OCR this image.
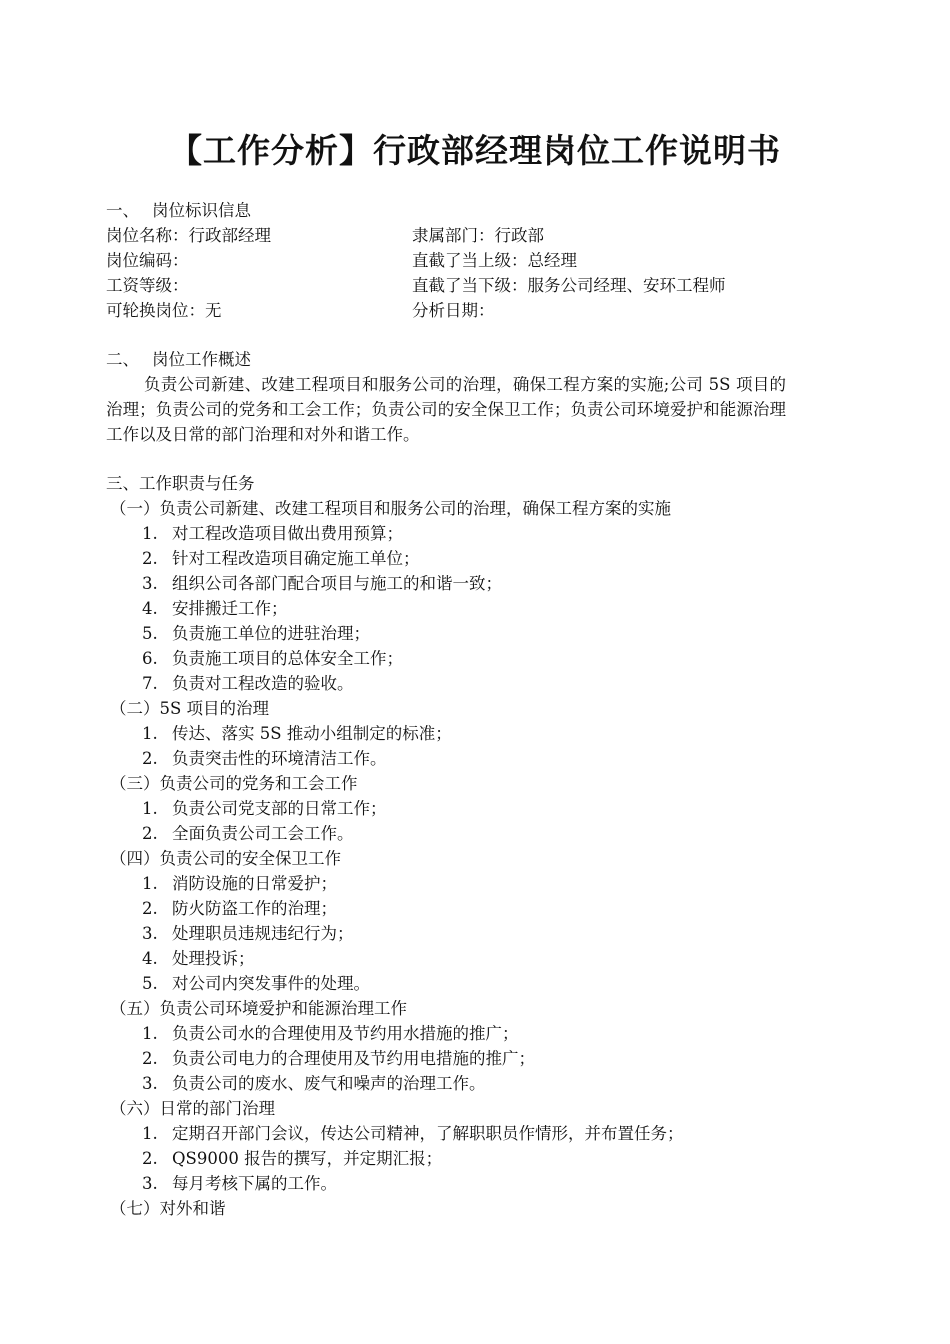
【工作分析】行政部经理岗位工作说明书
一、 岗位标识信息
岗位名称：行政部经理	隶属部门：行政部
岗位编码：	直截了当上级：总经理
工资等级：	直截了当下级：服务公司经理、安环工程师
可轮换岗位：无	分析日期：
二、 岗位工作概述

负责公司新建、改建工程项目和服务公司的治理，确保工程方案的实施;公司 5S 项目的治理；负责公司的党务和工会工作；负责公司的安全保卫工作；负责公司环境爱护和能源治理工作以及日常的部门治理和对外和谐工作。

三、工作职责与任务
（一）负责公司新建、改建工程项目和服务公司的治理，确保工程方案的实施
1. 对工程改造项目做出费用预算；
2. 针对工程改造项目确定施工单位；
3. 组织公司各部门配合项目与施工的和谐一致；
4. 安排搬迁工作；
5. 负责施工单位的进驻治理；
6. 负责施工项目的总体安全工作；
7. 负责对工程改造的验收。
（二）5S 项目的治理
1. 传达、落实 5S 推动小组制定的标准；
2. 负责突击性的环境清洁工作。
（三）负责公司的党务和工会工作
1. 负责公司党支部的日常工作；
2. 全面负责公司工会工作。
（四）负责公司的安全保卫工作
1. 消防设施的日常爱护；
2. 防火防盗工作的治理；
3. 处理职员违规违纪行为；
4. 处理投诉；
5. 对公司内突发事件的处理。
（五）负责公司环境爱护和能源治理工作
1. 负责公司水的合理使用及节约用水措施的推广；
2. 负责公司电力的合理使用及节约用电措施的推广；
3. 负责公司的废水、废气和噪声的治理工作。
（六）日常的部门治理
1. 定期召开部门会议，传达公司精神，了解职职员作情形，并布置任务；
2. QS9000 报告的撰写，并定期汇报；
3. 每月考核下属的工作。
（七）对外和谐
